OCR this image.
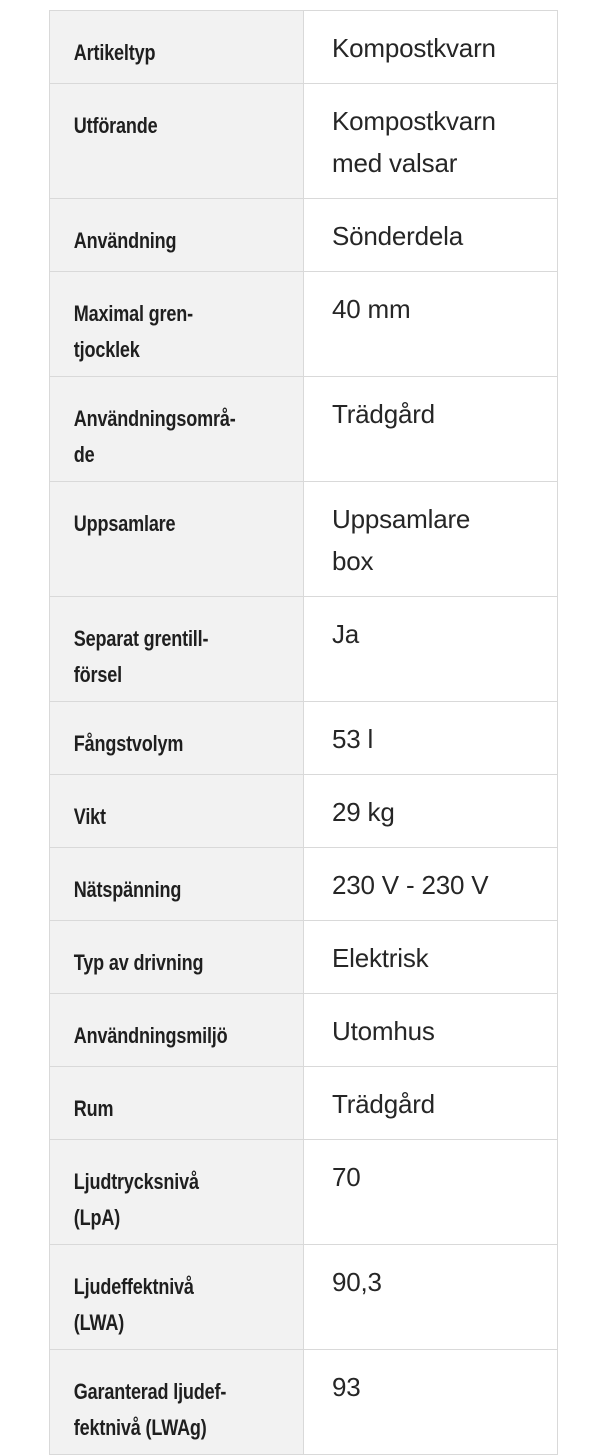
Artikeltyp	Kompostkvarn

Utförande	Kompostkvarn
med valsar

Användning	Sönderdela

Maximal gren-
tjocklek	40 mm

Användningsområ-
de	Trädgård

Uppsamlare	Uppsamlare
box

Separat grentill-
försel	Ja

Fångstvolym	53 l

Vikt	29 kg

Nätspänning	230 V - 230 V

Typ av drivning	Elektrisk

Användningsmiljö	Utomhus

Rum	Trädgård

Ljudtrycksnivå
(LpA)	70

Ljudeffektnivå
(LWA)	90,3

Garanterad ljudef-
fektnivå (LWAg)	93
